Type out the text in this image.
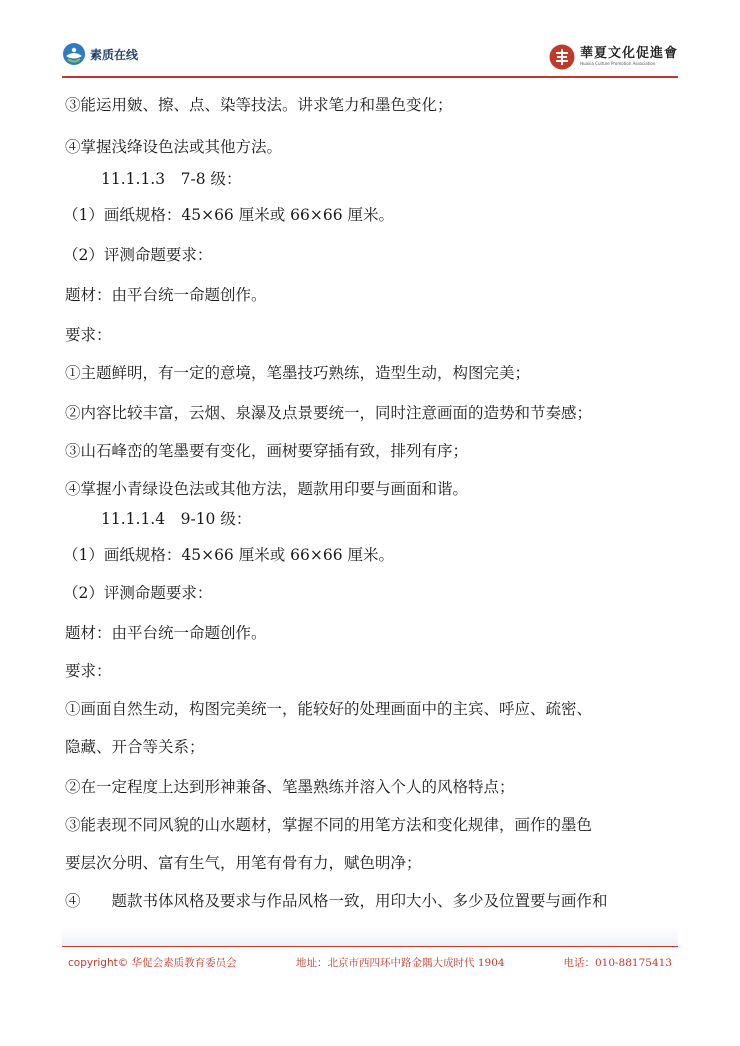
素质在线	華夏文化促進會
Huaxia Culture Promotion Association
③能运用皴、擦、点、染等技法。讲求笔力和墨色变化；
④掌握浅绛设色法或其他方法。
11.1.1.3　7-8 级：
（1）画纸规格：45×66 厘米或 66×66 厘米。
（2）评测命题要求：
题材：由平台统一命题创作。
要求：
①主题鲜明，有一定的意境，笔墨技巧熟练，造型生动，构图完美；
②内容比较丰富，云烟、泉瀑及点景要统一，同时注意画面的造势和节奏感；
③山石峰峦的笔墨要有变化，画树要穿插有致，排列有序；
④掌握小青绿设色法或其他方法，题款用印要与画面和谐。
11.1.1.4　9-10 级：
（1）画纸规格：45×66 厘米或 66×66 厘米。
（2）评测命题要求：
题材：由平台统一命题创作。
要求：
①画面自然生动，构图完美统一，能较好的处理画面中的主宾、呼应、疏密、
隐藏、开合等关系；
②在一定程度上达到形神兼备、笔墨熟练并溶入个人的风格特点；
③能表现不同风貌的山水题材，掌握不同的用笔方法和变化规律，画作的墨色
要层次分明、富有生气，用笔有骨有力，赋色明净；
④　　题款书体风格及要求与作品风格一致，用印大小、多少及位置要与画作和
copyright© 华促会素质教育委员会	地址：北京市西四环中路金隅大成时代 1904	电话：010-88175413
